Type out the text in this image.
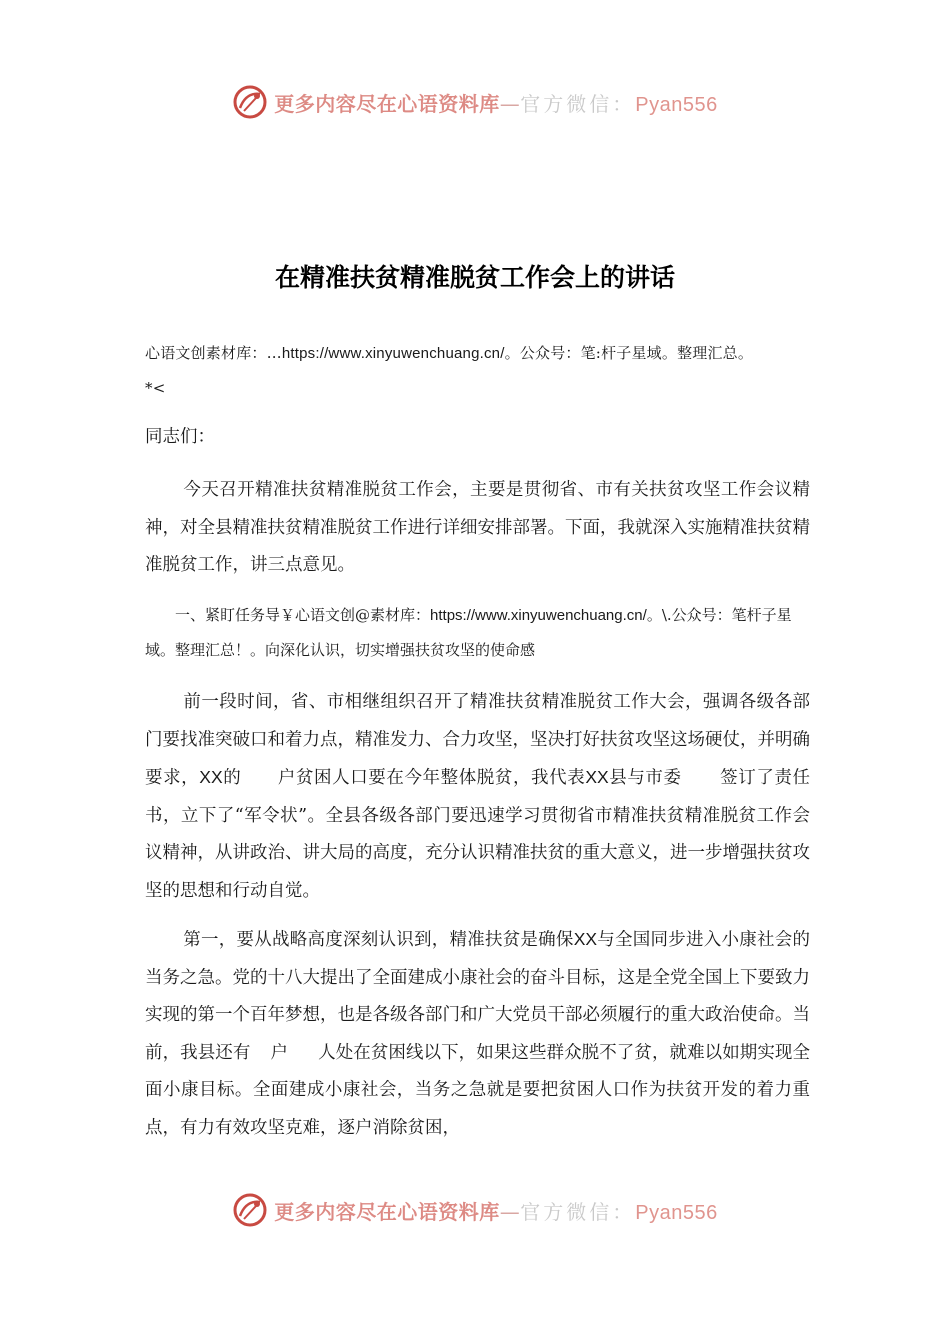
更多内容尽在心语资料库—官方微信：Pyan556
在精准扶贫精准脱贫工作会上的讲话
心语文创素材库：…https://www.xinyuwenchuang.cn/。公众号：笔:杆子星域。整理汇总。
*<
同志们：
今天召开精准扶贫精准脱贫工作会，主要是贯彻省、市有关扶贫攻坚工作会议精神，对全县精准扶贫精准脱贫工作进行详细安排部署。下面，我就深入实施精准扶贫精准脱贫工作，讲三点意见。
一、紧盯任务导￥心语文创@素材库：https://www.xinyuwenchuang.cn/。\.公众号：笔杆子星域。整理汇总！。向深化认识，切实增强扶贫攻坚的使命感
前一段时间，省、市相继组织召开了精准扶贫精准脱贫工作大会，强调各级各部门要找准突破口和着力点，精准发力、合力攻坚，坚决打好扶贫攻坚这场硬仗，并明确要求，XX的 户贫困人口要在今年整体脱贫，我代表XX县与市委 签订了责任书，立下了“军令状”。全县各级各部门要迅速学习贯彻省市精准扶贫精准脱贫工作会议精神，从讲政治、讲大局的高度，充分认识精准扶贫的重大意义，进一步增强扶贫攻坚的思想和行动自觉。
第一，要从战略高度深刻认识到，精准扶贫是确保XX与全国同步进入小康社会的当务之急。党的十八大提出了全面建成小康社会的奋斗目标，这是全党全国上下要致力实现的第一个百年梦想，也是各级各部门和广大党员干部必须履行的重大政治使命。当前，我县还有 户 人处在贫困线以下，如果这些群众脱不了贫，就难以如期实现全面小康目标。全面建成小康社会，当务之急就是要把贫困人口作为扶贫开发的着力重点，有力有效攻坚克难，逐户消除贫困，
更多内容尽在心语资料库—官方微信：Pyan556
